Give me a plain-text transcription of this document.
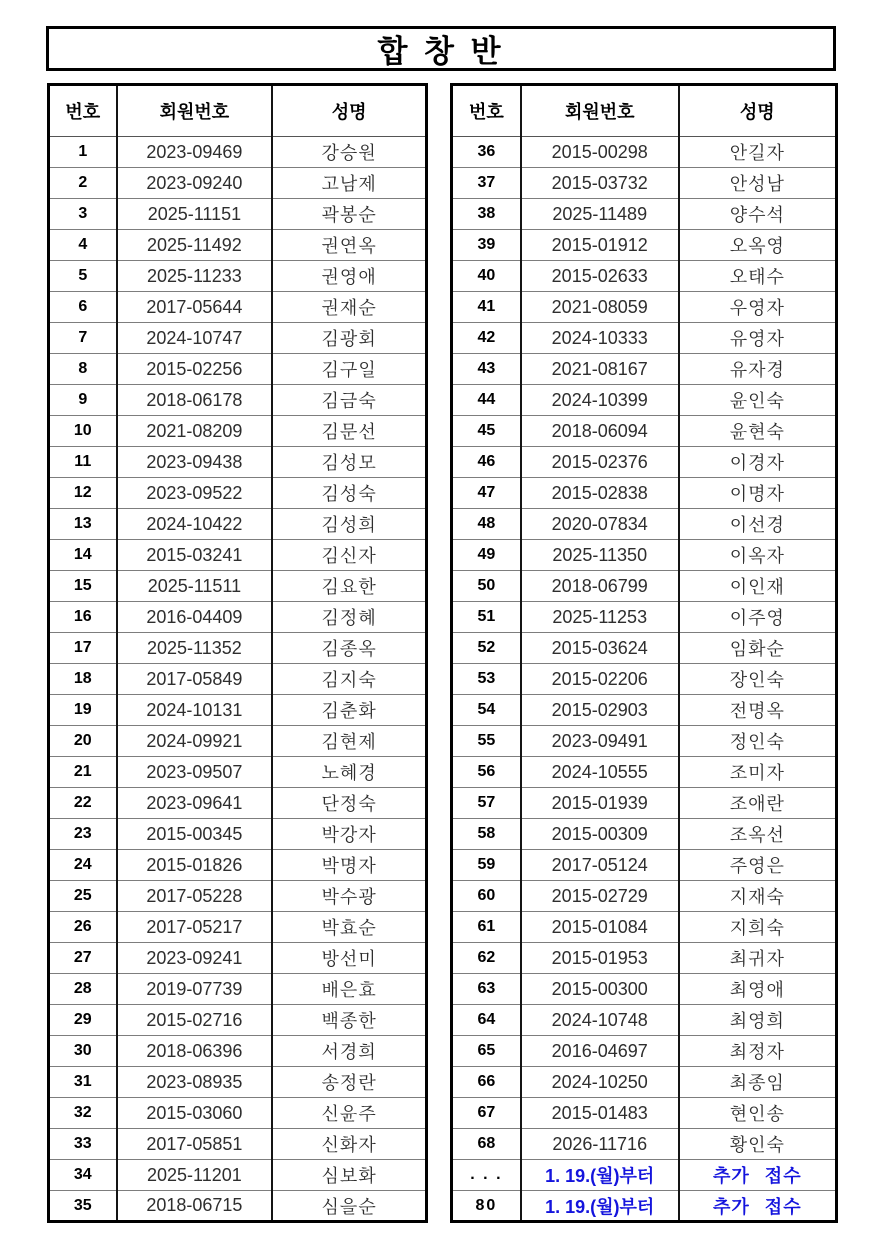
합 창 반
번호	회원번호	성명
1	2023-09469	강승원
2	2023-09240	고남제
3	2025-11151	곽봉순
4	2025-11492	권연옥
5	2025-11233	권영애
6	2017-05644	권재순
7	2024-10747	김광회
8	2015-02256	김구일
9	2018-06178	김금숙
10	2021-08209	김문선
11	2023-09438	김성모
12	2023-09522	김성숙
13	2024-10422	김성희
14	2015-03241	김신자
15	2025-11511	김요한
16	2016-04409	김정혜
17	2025-11352	김종옥
18	2017-05849	김지숙
19	2024-10131	김춘화
20	2024-09921	김현제
21	2023-09507	노혜경
22	2023-09641	단정숙
23	2015-00345	박강자
24	2015-01826	박명자
25	2017-05228	박수광
26	2017-05217	박효순
27	2023-09241	방선미
28	2019-07739	배은효
29	2015-02716	백종한
30	2018-06396	서경희
31	2023-08935	송정란
32	2015-03060	신윤주
33	2017-05851	신화자
34	2025-11201	심보화
35	2018-06715	심을순
번호	회원번호	성명
36	2015-00298	안길자
37	2015-03732	안성남
38	2025-11489	양수석
39	2015-01912	오옥영
40	2015-02633	오태수
41	2021-08059	우영자
42	2024-10333	유영자
43	2021-08167	유자경
44	2024-10399	윤인숙
45	2018-06094	윤현숙
46	2015-02376	이경자
47	2015-02838	이명자
48	2020-07834	이선경
49	2025-11350	이옥자
50	2018-06799	이인재
51	2025-11253	이주영
52	2015-03624	임화순
53	2015-02206	장인숙
54	2015-02903	전명옥
55	2023-09491	정인숙
56	2024-10555	조미자
57	2015-01939	조애란
58	2015-00309	조옥선
59	2017-05124	주영은
60	2015-02729	지재숙
61	2015-01084	지희숙
62	2015-01953	최귀자
63	2015-00300	최영애
64	2024-10748	최영희
65	2016-04697	최정자
66	2024-10250	최종임
67	2015-01483	현인송
68	2026-11716	황인숙
. . .	1. 19.(월)부터	추가 접수
80	1. 19.(월)부터	추가 접수
